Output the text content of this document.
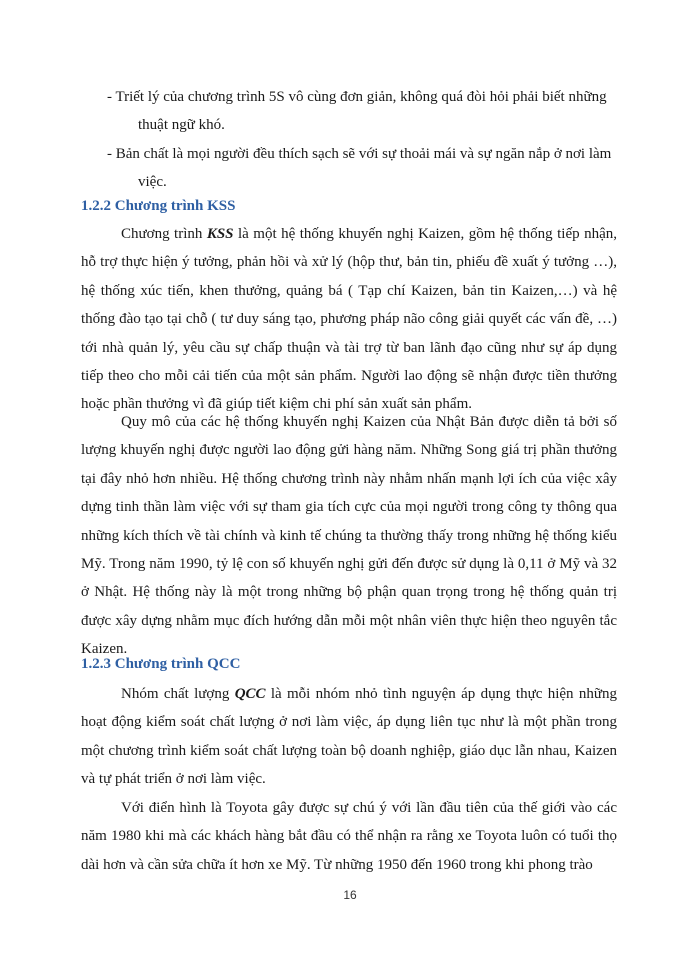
- Triết lý của chương trình 5S vô cùng đơn giản, không quá đòi hỏi phải biết những
thuật ngữ khó.
- Bản chất là mọi người đều thích sạch sẽ với sự thoải mái và sự ngăn nắp ở nơi làm
việc.
1.2.2 Chương trình KSS

Chương trình KSS là một hệ thống khuyến nghị Kaizen, gồm hệ thống tiếp nhận, hỗ trợ thực hiện ý tưởng, phản hồi và xử lý (hộp thư, bản tin, phiếu đề xuất ý tưởng …), hệ thống xúc tiến, khen thưởng, quảng bá ( Tạp chí Kaizen, bản tin Kaizen,…) và hệ thống đào tạo tại chỗ ( tư duy sáng tạo, phương pháp não công giải quyết các vấn đề, …) tới nhà quản lý, yêu cầu sự chấp thuận và tài trợ từ ban lãnh đạo cũng như sự áp dụng tiếp theo cho mỗi cải tiến của một sản phẩm. Người lao động sẽ nhận được tiền thưởng hoặc phần thưởng vì đã giúp tiết kiệm chi phí sản xuất sản phẩm.

Quy mô của các hệ thống khuyến nghị Kaizen của Nhật Bản được diễn tả bởi số lượng khuyến nghị được người lao động gửi hàng năm. Những Song giá trị phần thưởng tại đây nhỏ hơn nhiều. Hệ thống chương trình này nhằm nhấn mạnh lợi ích của việc xây dựng tinh thần làm việc với sự tham gia tích cực của mọi người trong công ty thông qua những kích thích về tài chính và kinh tế chúng ta thường thấy trong những hệ thống kiểu Mỹ. Trong năm 1990, tỷ lệ con số khuyến nghị gửi đến được sử dụng là 0,11 ở Mỹ và 32 ở Nhật. Hệ thống này là một trong những bộ phận quan trọng trong hệ thống quản trị được xây dựng nhằm mục đích hướng dẫn mỗi một nhân viên thực hiện theo nguyên tắc Kaizen.

1.2.3 Chương trình QCC

Nhóm chất lượng QCC là mỗi nhóm nhỏ tình nguyện áp dụng thực hiện những hoạt động kiểm soát chất lượng ở nơi làm việc, áp dụng liên tục như là một phần trong một chương trình kiểm soát chất lượng toàn bộ doanh nghiệp, giáo dục lẫn nhau, Kaizen và tự phát triển ở nơi làm việc.

Với điển hình là Toyota gây được sự chú ý với lần đầu tiên của thế giới vào các năm 1980 khi mà các khách hàng bắt đầu có thể nhận ra rằng xe Toyota luôn có tuổi thọ dài hơn và cần sửa chữa ít hơn xe Mỹ. Từ những 1950 đến 1960 trong khi phong trào

16
